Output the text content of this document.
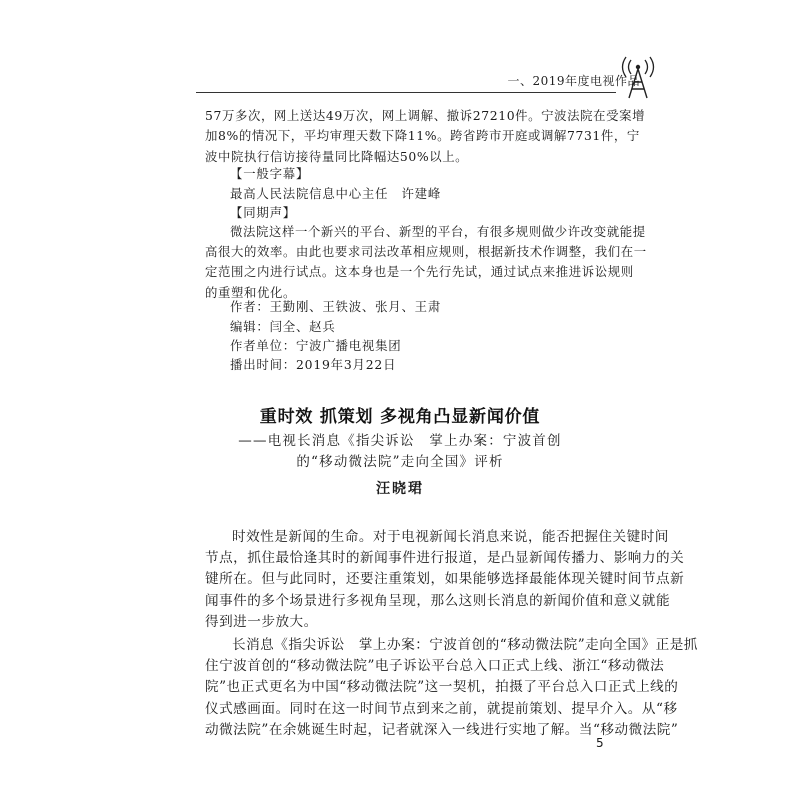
一、2019年度电视作品
57万多次，网上送达49万次，网上调解、撤诉27210件。宁波法院在受案增
加8%的情况下，平均审理天数下降11%。跨省跨市开庭或调解7731件，宁
波中院执行信访接待量同比降幅达50%以上。
【一般字幕】
最高人民法院信息中心主任　许建峰
【同期声】
微法院这样一个新兴的平台、新型的平台，有很多规则做少许改变就能提
高很大的效率。由此也要求司法改革相应规则，根据新技术作调整，我们在一
定范围之内进行试点。这本身也是一个先行先试，通过试点来推进诉讼规则
的重塑和优化。
作者：王勤刚、王铁波、张月、王肃
编辑：闫全、赵兵
作者单位：宁波广播电视集团
播出时间：2019年3月22日
重时效 抓策划 多视角凸显新闻价值
——电视长消息《指尖诉讼　掌上办案：宁波首创
的“移动微法院”走向全国》评析
汪晓珺
时效性是新闻的生命。对于电视新闻长消息来说，能否把握住关键时间
节点，抓住最恰逢其时的新闻事件进行报道，是凸显新闻传播力、影响力的关
键所在。但与此同时，还要注重策划，如果能够选择最能体现关键时间节点新
闻事件的多个场景进行多视角呈现，那么这则长消息的新闻价值和意义就能
得到进一步放大。
长消息《指尖诉讼　掌上办案：宁波首创的“移动微法院”走向全国》正是抓
住宁波首创的“移动微法院”电子诉讼平台总入口正式上线、浙江“移动微法
院”也正式更名为中国“移动微法院”这一契机，拍摄了平台总入口正式上线的
仪式感画面。同时在这一时间节点到来之前，就提前策划、提早介入。从“移
动微法院”在余姚诞生时起，记者就深入一线进行实地了解。当“移动微法院”
5
